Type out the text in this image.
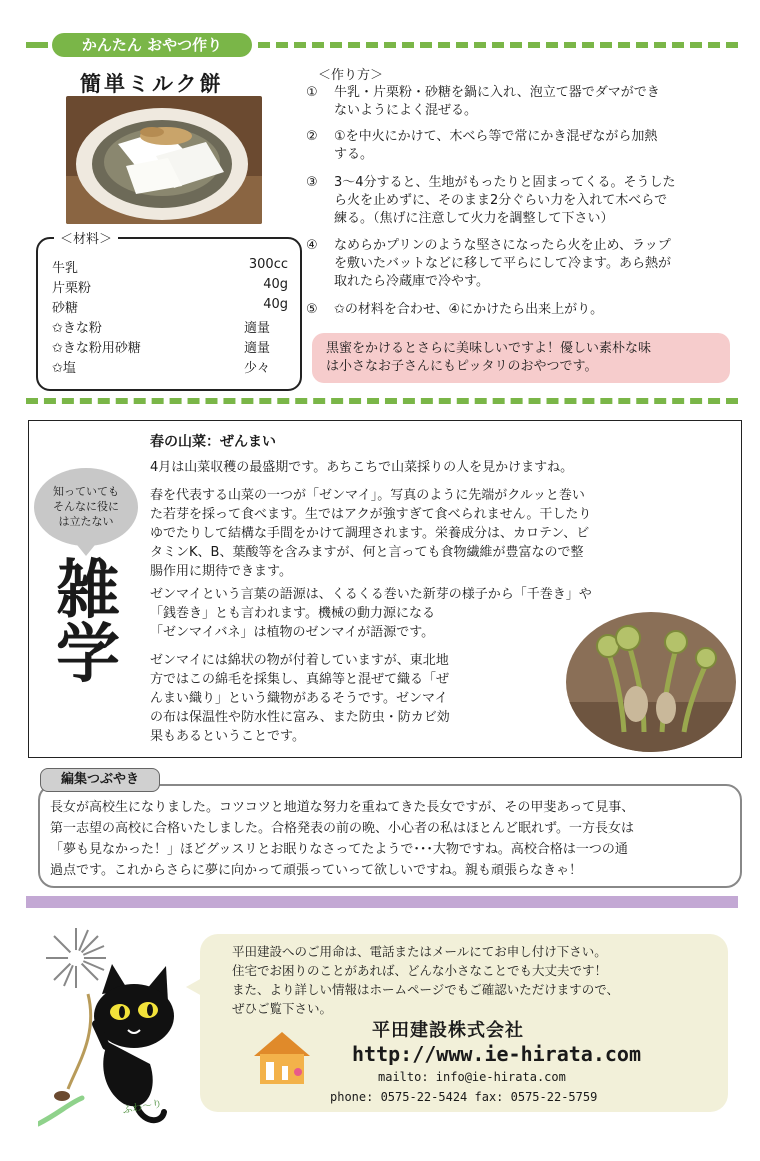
かんたん おやつ作り
簡単ミルク餅
＜材料＞
牛乳	300cc
片栗粉	40g
砂糖	40g
✩きな粉	適量
✩きな粉用砂糖	適量
✩塩	少々
＜作り方＞
①	牛乳・片栗粉・砂糖を鍋に入れ、泡立て器でダマができ
ないようによく混ぜる。
②	①を中火にかけて、木べら等で常にかき混ぜながら加熱
する。
③	3〜4分すると、生地がもったりと固まってくる。そうした
ら火を止めずに、そのまま2分ぐらい力を入れて木べらで
練る。（焦げに注意して火力を調整して下さい）
④	なめらかプリンのような堅さになったら火を止め、ラップ
を敷いたバットなどに移して平らにして冷ます。あら熱が
取れたら冷蔵庫で冷やす。
⑤	✩の材料を合わせ、④にかけたら出来上がり。
黒蜜をかけるとさらに美味しいですよ！優しい素朴な味
は小さなお子さんにもピッタリのおやつです。
知っていても
そんなに役に
は立たない
雑
学
春の山菜：ぜんまい
4月は山菜収穫の最盛期です。あちこちで山菜採りの人を見かけますね。
春を代表する山菜の一つが「ゼンマイ」。写真のように先端がクルッと巻い
た若芽を採って食べます。生ではアクが強すぎて食べられません。干したり
ゆでたりして結構な手間をかけて調理されます。栄養成分は、カロテン、ビ
タミンK、B、葉酸等を含みますが、何と言っても食物繊維が豊富なので整
腸作用に期待できます。
ゼンマイという言葉の語源は、くるくる巻いた新芽の様子から「千巻き」や
「銭巻き」とも言われます。機械の動力源になる
「ゼンマイバネ」は植物のゼンマイが語源です。
ゼンマイには綿状の物が付着していますが、東北地
方ではこの綿毛を採集し、真綿等と混ぜて織る「ぜ
んまい織り」という織物があるそうです。ゼンマイ
の布は保温性や防水性に富み、また防虫・防カビ効
果もあるということです。
編集つぶやき
長女が高校生になりました。コツコツと地道な努力を重ねてきた長女ですが、その甲斐あって見事、
第一志望の高校に合格いたしました。合格発表の前の晩、小心者の私はほとんど眠れず。一方長女は
「夢も見なかった！」ほどグッスリとお眠りなさってたようで･･･大物ですね。高校合格は一つの通
過点です。これからさらに夢に向かって頑張っていって欲しいですね。親も頑張らなきゃ！
ふわ〜り
平田建設へのご用命は、電話またはメールにてお申し付け下さい。
住宅でお困りのことがあれば、どんな小さなことでも大丈夫です！
また、より詳しい情報はホームページでもご確認いただけますので、
ぜひご覧下さい。
平田建設株式会社
http://www.ie-hirata.com
mailto: info@ie-hirata.com
phone: 0575-22-5424 fax: 0575-22-5759
